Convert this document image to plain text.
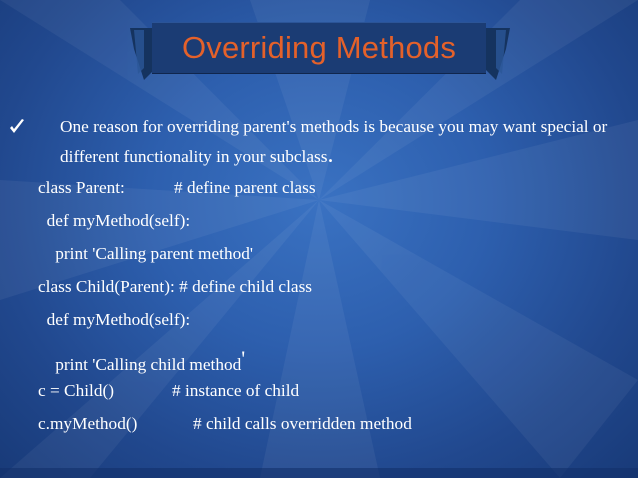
Overriding Methods

One reason for overriding parent's methods is because you may want special or different functionality in your subclass.

class Parent:	# define parent class

def myMethod(self):

print 'Calling parent method'

class Child(Parent): # define child class

def myMethod(self):

print 'Calling child method'

c = Child()	# instance of child

c.myMethod()	# child calls overridden method
